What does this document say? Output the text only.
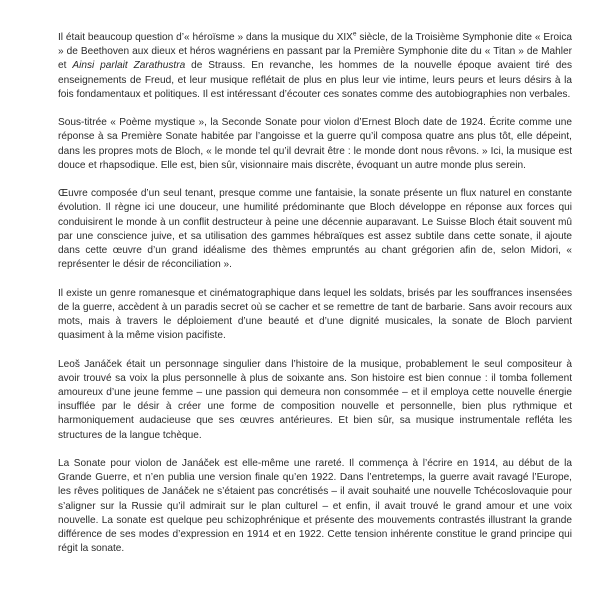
Il était beaucoup question d’« héroïsme » dans la musique du XIXe siècle, de la Troisième Symphonie dite « Eroica » de Beethoven aux dieux et héros wagnériens en passant par la Première Symphonie dite du « Titan » de Mahler et Ainsi parlait Zarathustra de Strauss. En revanche, les hommes de la nouvelle époque avaient tiré des enseignements de Freud, et leur musique reflétait de plus en plus leur vie intime, leurs peurs et leurs désirs à la fois fondamentaux et politiques. Il est intéressant d’écouter ces sonates comme des autobiographies non verbales.

Sous-titrée « Poème mystique », la Seconde Sonate pour violon d’Ernest Bloch date de 1924. Écrite comme une réponse à sa Première Sonate habitée par l’angoisse et la guerre qu’il composa quatre ans plus tôt, elle dépeint, dans les propres mots de Bloch, « le monde tel qu’il devrait être : le monde dont nous rêvons. » Ici, la musique est douce et rhapsodique. Elle est, bien sûr, visionnaire mais discrète, évoquant un autre monde plus serein.

Œuvre composée d’un seul tenant, presque comme une fantaisie, la sonate présente un flux naturel en constante évolution. Il règne ici une douceur, une humilité prédominante que Bloch développe en réponse aux forces qui conduisirent le monde à un conflit destructeur à peine une décennie auparavant. Le Suisse Bloch était souvent mû par une conscience juive, et sa utilisation des gammes hébraïques est assez subtile dans cette sonate, il ajoute dans cette œuvre d’un grand idéalisme des thèmes empruntés au chant grégorien afin de, selon Midori, « représenter le désir de réconciliation ».

Il existe un genre romanesque et cinématographique dans lequel les soldats, brisés par les souffrances insensées de la guerre, accèdent à un paradis secret où se cacher et se remettre de tant de barbarie. Sans avoir recours aux mots, mais à travers le déploiement d’une beauté et d’une dignité musicales, la sonate de Bloch parvient quasiment à la même vision pacifiste.

Leoš Janáček était un personnage singulier dans l’histoire de la musique, probablement le seul compositeur à avoir trouvé sa voix la plus personnelle à plus de soixante ans. Son histoire est bien connue : il tomba follement amoureux d’une jeune femme – une passion qui demeura non consommée – et il employa cette nouvelle énergie insufflée par le désir à créer une forme de composition nouvelle et personnelle, bien plus rythmique et harmoniquement audacieuse que ses œuvres antérieures. Et bien sûr, sa musique instrumentale refléta les structures de la langue tchèque.

La Sonate pour violon de Janáček est elle-même une rareté. Il commença à l’écrire en 1914, au début de la Grande Guerre, et n’en publia une version finale qu’en 1922. Dans l’entretemps, la guerre avait ravagé l’Europe, les rêves politiques de Janáček ne s’étaient pas concrétisés – il avait souhaité une nouvelle Tchécoslovaquie pour s’aligner sur la Russie qu’il admirait sur le plan culturel – et enfin, il avait trouvé le grand amour et une voix nouvelle. La sonate est quelque peu schizophrénique et présente des mouvements contrastés illustrant la grande différence de ses modes d’expression en 1914 et en 1922. Cette tension inhérente constitue le grand principe qui régit la sonate.
